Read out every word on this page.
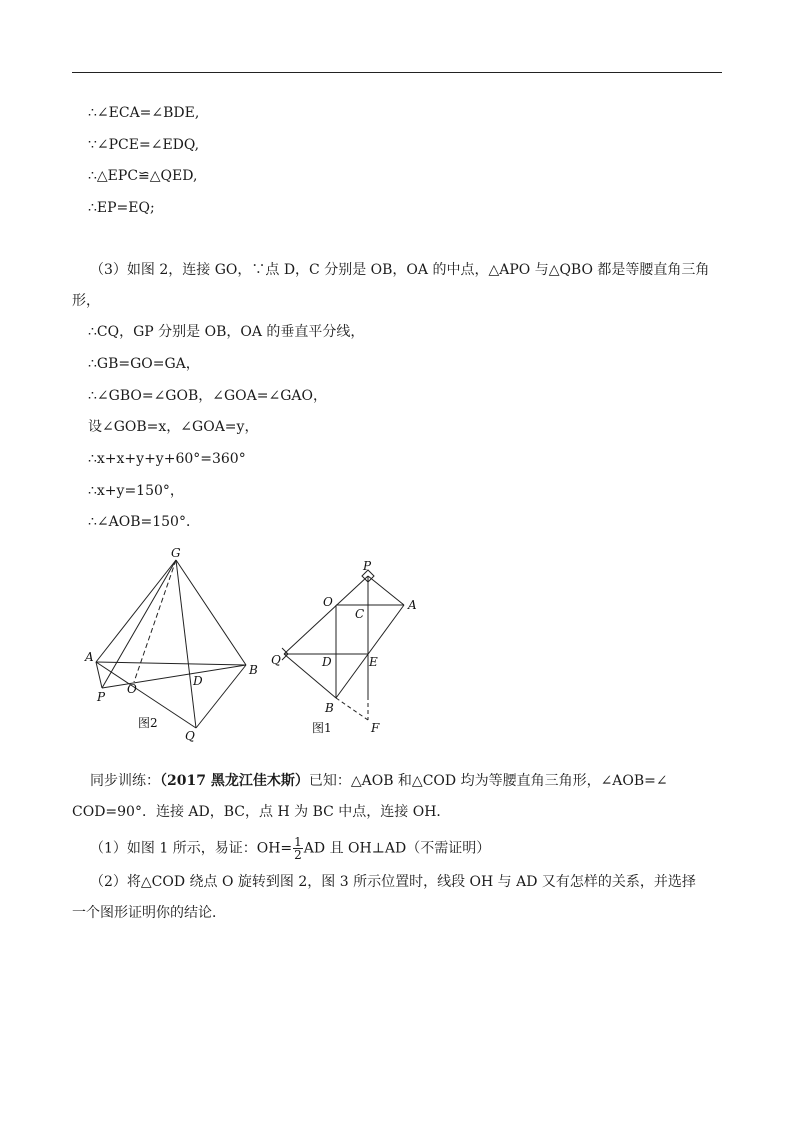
∴∠ECA=∠BDE,
∵∠PCE=∠EDQ,
∴△EPC≌△QED,
∴EP=EQ;
（3）如图 2，连接 GO，∵点 D，C 分别是 OB，OA 的中点，△APO 与△QBO 都是等腰直角三角
形，
∴CQ，GP 分别是 OB，OA 的垂直平分线，
∴GB=GO=GA，
∴∠GBO=∠GOB，∠GOA=∠GAO，
设∠GOB=x，∠GOA=y，
∴x+x+y+y+60°=360°
∴x+y=150°，
∴∠AOB=150°．
G
A
B
P
O
D
Q
图2
P
O
C
A
Q	D	E
B
F
图1
同步训练：（2017 黑龙江佳木斯）已知：△AOB 和△COD 均为等腰直角三角形，∠AOB=∠
COD=90°．连接 AD，BC，点 H 为 BC 中点，连接 OH．
（1）如图 1 所示，易证：$OH= \frac{1}{2}$ AD 且 OH⊥AD（不需证明）
（2）将△COD 绕点 O 旋转到图 2，图 3 所示位置时，线段 OH 与 AD 又有怎样的关系，并选择
一个图形证明你的结论．
